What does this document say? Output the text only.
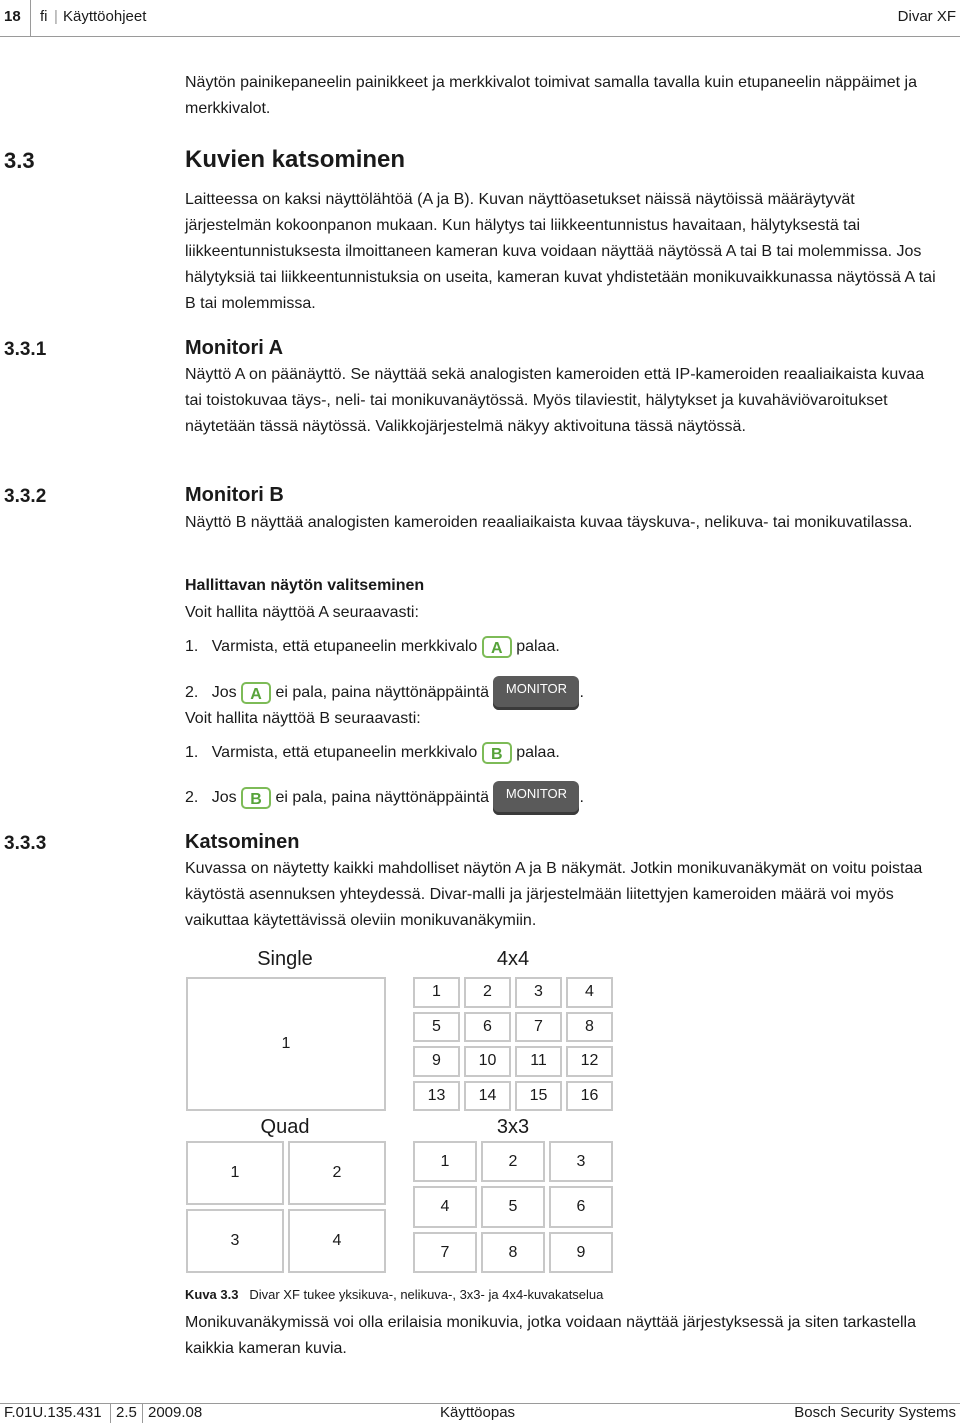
18 fi | Käyttöohjeet	Divar XF
Näytön painikepaneelin painikkeet ja merkkivalot toimivat samalla tavalla kuin etupaneelin näppäimet ja merkkivalot.
3.3	Kuvien katsominen
Laitteessa on kaksi näyttölähtöä (A ja B). Kuvan näyttöasetukset näissä näytöissä määräytyvät järjestelmän kokoonpanon mukaan. Kun hälytys tai liikkeentunnistus havaitaan, hälytyksestä tai liikkeentunnistuksesta ilmoittaneen kameran kuva voidaan näyttää näytössä A tai B tai molemmissa. Jos hälytyksiä tai liikkeentunnistuksia on useita, kameran kuvat yhdistetään monikuvaikkunassa näytössä A tai B tai molemmissa.
3.3.1	Monitori A
Näyttö A on päänäyttö. Se näyttää sekä analogisten kameroiden että IP-kameroiden reaaliaikaista kuvaa tai toistokuvaa täys-, neli- tai monikuvanäytössä. Myös tilaviestit, hälytykset ja kuvahäviövaroitukset näytetään tässä näytössä. Valikkojärjestelmä näkyy aktivoituna tässä näytössä.
3.3.2	Monitori B
Näyttö B näyttää analogisten kameroiden reaaliaikaista kuvaa täyskuva-, nelikuva- tai monikuvatilassa.
Hallittavan näytön valitseminen
Voit hallita näyttöä A seuraavasti:
1. Varmista, että etupaneelin merkkivalo A palaa.
2. Jos A ei pala, paina näyttönäppäintä MONITOR .
Voit hallita näyttöä B seuraavasti:
1. Varmista, että etupaneelin merkkivalo B palaa.
2. Jos B ei pala, paina näyttönäppäintä MONITOR .
3.3.3	Katsominen
Kuvassa on näytetty kaikki mahdolliset näytön A ja B näkymät. Jotkin monikuvanäkymät on voitu poistaa käytöstä asennuksen yhteydessä. Divar-malli ja järjestelmään liitettyjen kameroiden määrä voi myös vaikuttaa käytettävissä oleviin monikuvanäkymiin.
Single	4x4
Quad	3x3
1
1	2	3	4
5	6	7	8
9	10	11	12
13	14	15	16
1	2
3	4
1	2	3
4	5	6
7	8	9
Kuva 3.3 Divar XF tukee yksikuva-, nelikuva-, 3x3- ja 4x4-kuvakatselua
Monikuvanäkymissä voi olla erilaisia monikuvia, jotka voidaan näyttää järjestyksessä ja siten tarkastella kaikkia kameran kuvia.
F.01U.135.431 2.5 2009.08	Käyttöopas	Bosch Security Systems
